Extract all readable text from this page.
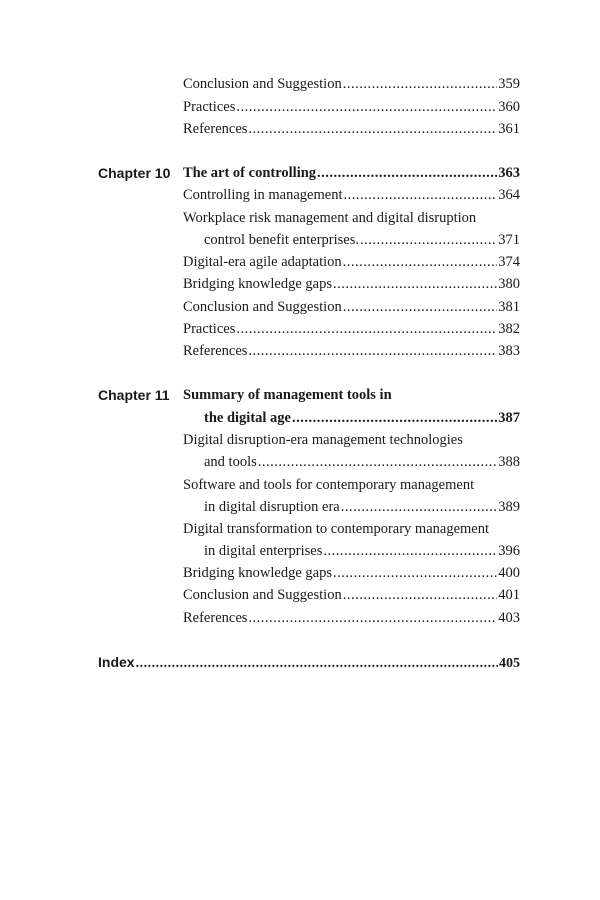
Conclusion and Suggestion .....	359
Practices .....	360
References .....	361
Chapter 10 The art of controlling .....	363
Controlling in management .....	364
Workplace risk management and digital disruption
control benefit enterprises. .....	371
Digital-era agile adaptation .....	374
Bridging knowledge gaps .....	380
Conclusion and Suggestion .....	381
Practices .....	382
References .....	383
Chapter 11 Summary of management tools in
the digital age .....	387
Digital disruption-era management technologies
and tools .....	388
Software and tools for contemporary management
in digital disruption era .....	389
Digital transformation to contemporary management
in digital enterprises .....	396
Bridging knowledge gaps .....	400
Conclusion and Suggestion .....	401
References .....	403
Index .....	405
